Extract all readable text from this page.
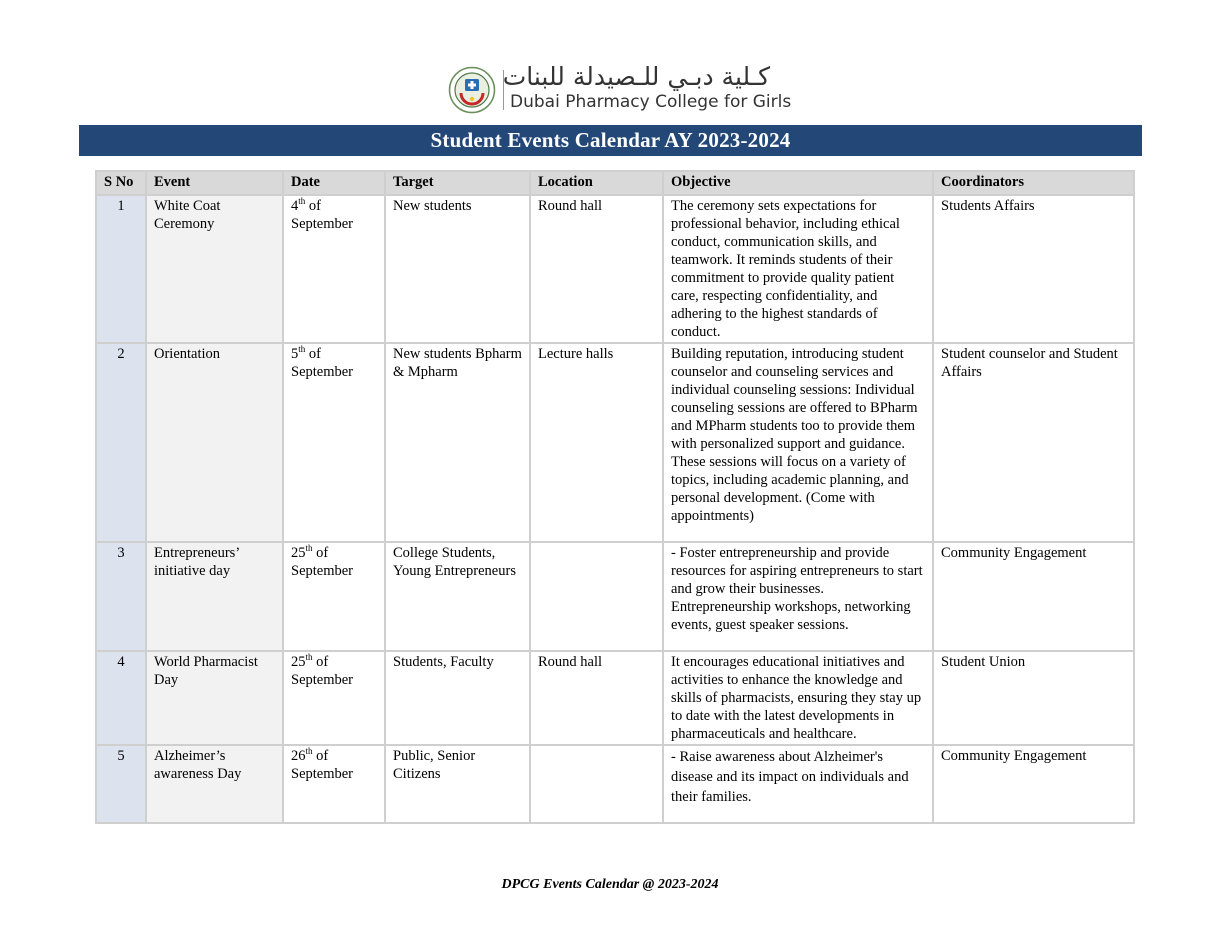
كـلية دبـي للـصيدلة للبنات
Dubai Pharmacy College for Girls
Student Events Calendar AY 2023-2024
S No	Event	Date	Target	Location	Objective	Coordinators
1	White Coat Ceremony	4th of September	New students	Round hall	The ceremony sets expectations for professional behavior, including ethical conduct, communication skills, and teamwork. It reminds students of their commitment to provide quality patient care, respecting confidentiality, and adhering to the highest standards of conduct.	Students Affairs
2	Orientation	5th of September	New students Bpharm & Mpharm	Lecture halls	Building reputation, introducing student counselor and counseling services and individual counseling sessions: Individual counseling sessions are offered to BPharm and MPharm students too to provide them with personalized support and guidance. These sessions will focus on a variety of topics, including academic planning, and personal development. (Come with appointments)	Student counselor and Student Affairs
3	Entrepreneurs’ initiative day	25th of September	College Students, Young Entrepreneurs		- Foster entrepreneurship and provide resources for aspiring entrepreneurs to start and grow their businesses. Entrepreneurship workshops, networking events, guest speaker sessions.	Community Engagement
4	World Pharmacist Day	25th of September	Students, Faculty	Round hall	It encourages educational initiatives and activities to enhance the knowledge and skills of pharmacists, ensuring they stay up to date with the latest developments in pharmaceuticals and healthcare.	Student Union
5	Alzheimer’s awareness Day	26th of September	Public, Senior Citizens		- Raise awareness about Alzheimer's disease and its impact on individuals and their families.	Community Engagement
DPCG Events Calendar @ 2023-2024
